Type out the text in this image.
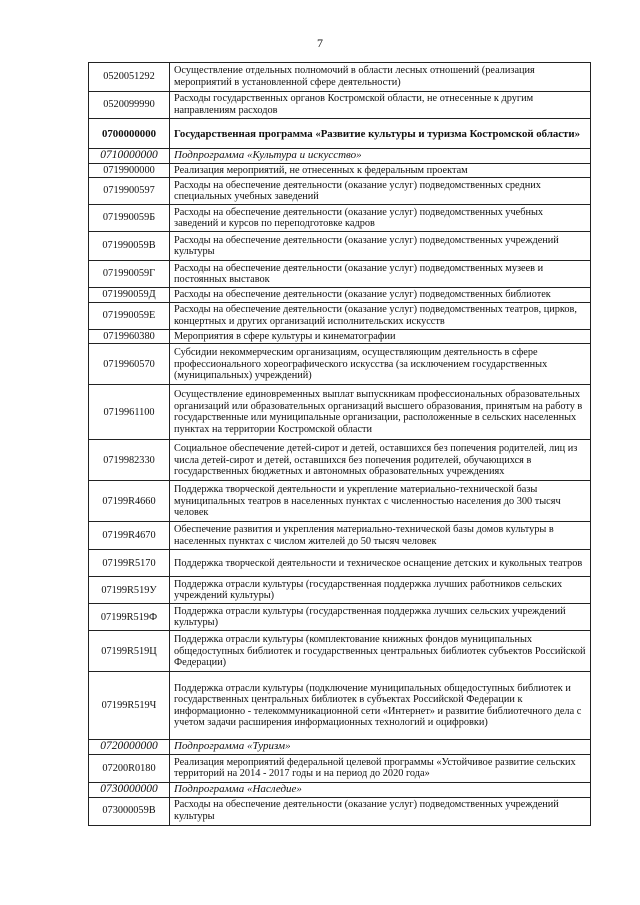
7
0520051292	Осуществление отдельных полномочий в области лесных отношений (реализация мероприятий в установленной сфере деятельности)
0520099990	Расходы государственных органов Костромской области, не отнесенные к другим направлениям расходов
0700000000	Государственная программа «Развитие культуры и туризма Костромской области»
0710000000	Подпрограмма «Культура и искусство»
0719900000	Реализация мероприятий, не отнесенных к федеральным проектам
0719900597	Расходы на обеспечение деятельности (оказание услуг) подведомственных средних специальных учебных заведений
071990059Б	Расходы на обеспечение деятельности (оказание услуг) подведомственных учебных заведений и курсов по переподготовке кадров
071990059В	Расходы на обеспечение деятельности (оказание услуг) подведомственных учреждений культуры
071990059Г	Расходы на обеспечение деятельности (оказание услуг) подведомственных музеев и постоянных выставок
071990059Д	Расходы на обеспечение деятельности (оказание услуг) подведомственных библиотек
071990059Е	Расходы на обеспечение деятельности (оказание услуг) подведомственных театров, цирков, концертных и других организаций исполнительских искусств
0719960380	Мероприятия в сфере культуры и кинематографии
0719960570	Субсидии некоммерческим организациям, осуществляющим деятельность в сфере профессионального хореографического искусства (за исключением государственных (муниципальных) учреждений)
0719961100	Осуществление единовременных выплат выпускникам профессиональных образовательных организаций или образовательных организаций высшего образования, принятым на работу в государственные или муниципальные организации, расположенные в сельских населенных пунктах на территории Костромской области
0719982330	Социальное обеспечение детей-сирот и детей, оставшихся без попечения родителей, лиц из числа детей-сирот и детей, оставшихся без попечения родителей, обучающихся в государственных бюджетных и автономных образовательных учреждениях
07199R4660	Поддержка творческой деятельности и укрепление материально-технической базы муниципальных театров в населенных пунктах с численностью населения до 300 тысяч человек
07199R4670	Обеспечение развития и укрепления материально-технической базы домов культуры в населенных пунктах с числом жителей до 50 тысяч человек
07199R5170	Поддержка творческой деятельности и техническое оснащение детских и кукольных театров
07199R519У	Поддержка отрасли культуры (государственная поддержка лучших работников сельских учреждений культуры)
07199R519Ф	Поддержка отрасли культуры (государственная поддержка лучших сельских учреждений культуры)
07199R519Ц	Поддержка отрасли культуры (комплектование книжных фондов муниципальных общедоступных библиотек и государственных центральных библиотек субъектов Российской Федерации)
07199R519Ч	Поддержка отрасли культуры (подключение муниципальных общедоступных библиотек и государственных центральных библиотек в субъектах Российской Федерации к информационно - телекоммуникационной сети «Интернет» и развитие библиотечного дела с учетом задачи расширения информационных технологий и оцифровки)
0720000000	Подпрограмма «Туризм»
07200R0180	Реализация мероприятий федеральной целевой программы «Устойчивое развитие сельских территорий на 2014 - 2017 годы и на период до 2020 года»
0730000000	Подпрограмма «Наследие»
073000059В	Расходы на обеспечение деятельности (оказание услуг) подведомственных учреждений культуры
